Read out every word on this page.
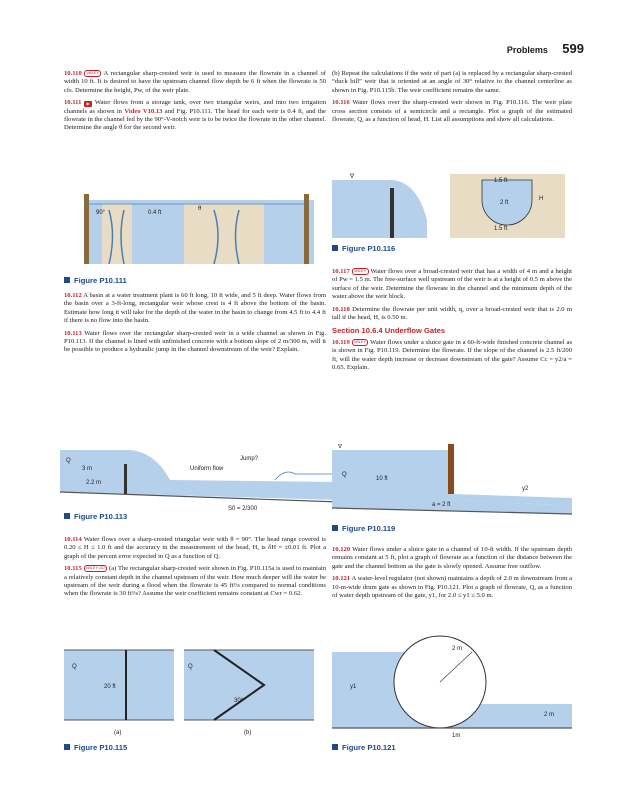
Problems 599

10.110 WILEY A rectangular sharp-crested weir is used to measure the flowrate in a channel of width 10 ft. It is desired to have the upstream channel flow depth be 6 ft when the flowrate is 50 cfs. Determine the height, Pw, of the weir plate.

10.111 ▶ Water flows from a storage tank, over two triangular weirs, and into two irrigation channels as shown in Video V10.13 and Fig. P10.111. The head for each weir is 0.4 ft, and the flowrate in the channel fed by the 90°-V-notch weir is to be twice the flowrate in the other channel. Determine the angle θ for the second weir.

90°	0.4 ft
θ
Figure P10.111

10.112 A basin at a water treatment plant is 60 ft long, 10 ft wide, and 5 ft deep. Water flows from the basin over a 3-ft-long, rectangular weir whose crest is 4 ft above the bottom of the basin. Estimate how long it will take for the depth of the water in the basin to change from 4.5 ft to 4.4 ft if there is no flow into the basin.

10.113 Water flows over the rectangular sharp-crested weir in a wide channel as shown in Fig. P10.113. If the channel is lined with unfinished concrete with a bottom slope of 2 m/300 m, will it be possible to produce a hydraulic jump in the channel downstream of the weir? Explain.

Q
3 m
2.2 m
Jump?
Uniform flow
S0 = 2/300
Figure P10.113

10.114 Water flows over a sharp-crested triangular weir with θ = 90°. The head range covered is 0.20 ≤ H ≤ 1.0 ft and the accuracy in the measurement of the head, H, is δH = ±0.01 ft. Plot a graph of the percent error expected in Q as a function of Q.

10.115 WILEY GO (a) The rectangular sharp-crested weir shown in Fig. P10.115a is used to maintain a relatively constant depth in the channel upstream of the weir. How much deeper will the water be upstream of the weir during a flood when the flowrate is 45 ft³/s compared to normal conditions when the flowrate is 30 ft³/s? Assume the weir coefficient remains constant at Cwr = 0.62.

Q
20 ft
Q
30°
(a)	(b)
Figure P10.115

(b) Repeat the calculations if the weir of part (a) is replaced by a rectangular sharp-crested “duck bill” weir that is oriented at an angle of 30° relative to the channel centerline as shown in Fig. P10.115b. The weir coefficient remains the same.

10.116 Water flows over the sharp-crested weir shown in Fig. P10.116. The weir plate cross section consists of a semicircle and a rectangle. Plot a graph of the estimated flowrate, Q, as a function of head, H. List all assumptions and show all calculations.

∇
1.5 ft
2 ft
H
1.5 ft
Figure P10.116

10.117 WILEY Water flows over a broad-crested weir that has a width of 4 m and a height of Pw = 1.5 m. The free-surface well upstream of the weir is at a height of 0.5 m above the surface of the weir. Determine the flowrate in the channel and the minimum depth of the water above the weir block.

10.118 Determine the flowrate per unit width, q, over a broad-crested weir that is 2.0 m tall if the head, H, is 0.50 m.

Section 10.6.4 Underflow Gates

10.119 WILEY Water flows under a sluice gate in a 60-ft-wide finished concrete channel as is shown in Fig. P10.119. Determine the flowrate. If the slope of the channel is 2.5 ft/200 ft, will the water depth increase or decrease downstream of the gate? Assume Cc = y2/a = 0.65. Explain.

∇
Q
10 ft
y2
a = 2 ft
Figure P10.119

10.120 Water flows under a sluice gate in a channel of 10-ft width. If the upstream depth remains constant at 5 ft, plot a graph of flowrate as a function of the distance between the gate and the channel bottom as the gate is slowly opened. Assume free outflow.

10.121 A water-level regulator (not shown) maintains a depth of 2.0 m downstream from a 10-m-wide drum gate as shown in Fig. P10.121. Plot a graph of flowrate, Q, as a function of water depth upstream of the gate, y1, for 2.0 ≤ y1 ≤ 5.0 m.

2 m
y1
2 m
1m
Figure P10.121
